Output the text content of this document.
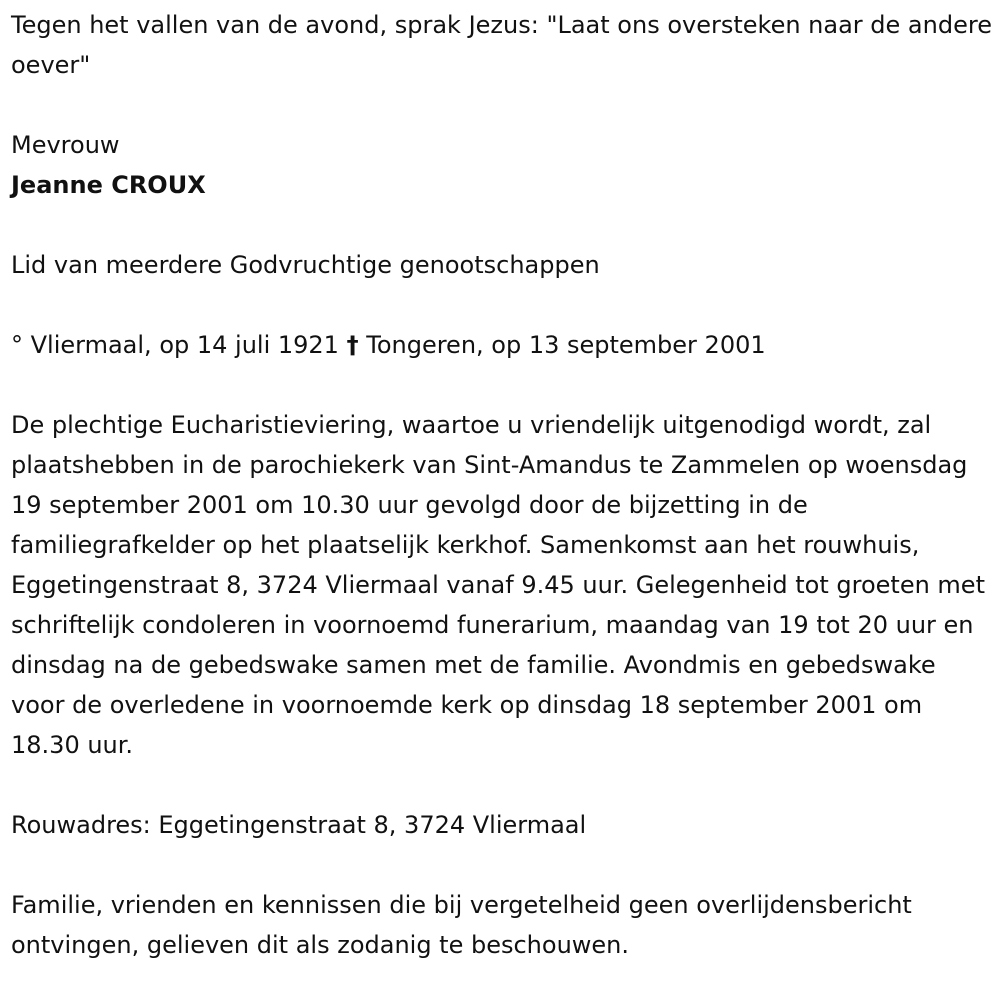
Tegen het vallen van de avond, sprak Jezus: "Laat ons oversteken naar de andere oever"

Mevrouw

Jeanne CROUX

Lid van meerdere Godvruchtige genootschappen

° Vliermaal, op 14 juli 1921 † Tongeren, op 13 september 2001

De plechtige Eucharistieviering, waartoe u vriendelijk uitgenodigd wordt, zal plaatshebben in de parochiekerk van Sint-Amandus te Zammelen op woensdag 19 september 2001 om 10.30 uur gevolgd door de bijzetting in de familiegrafkelder op het plaatselijk kerkhof. Samenkomst aan het rouwhuis, Eggetingenstraat 8, 3724 Vliermaal vanaf 9.45 uur. Gelegenheid tot groeten met schriftelijk condoleren in voornoemd funerarium, maandag van 19 tot 20 uur en dinsdag na de gebedswake samen met de familie. Avondmis en gebedswake voor de overledene in voornoemde kerk op dinsdag 18 september 2001 om 18.30 uur.

Rouwadres: Eggetingenstraat 8, 3724 Vliermaal

Familie, vrienden en kennissen die bij vergetelheid geen overlijdensbericht ontvingen, gelieven dit als zodanig te beschouwen.
